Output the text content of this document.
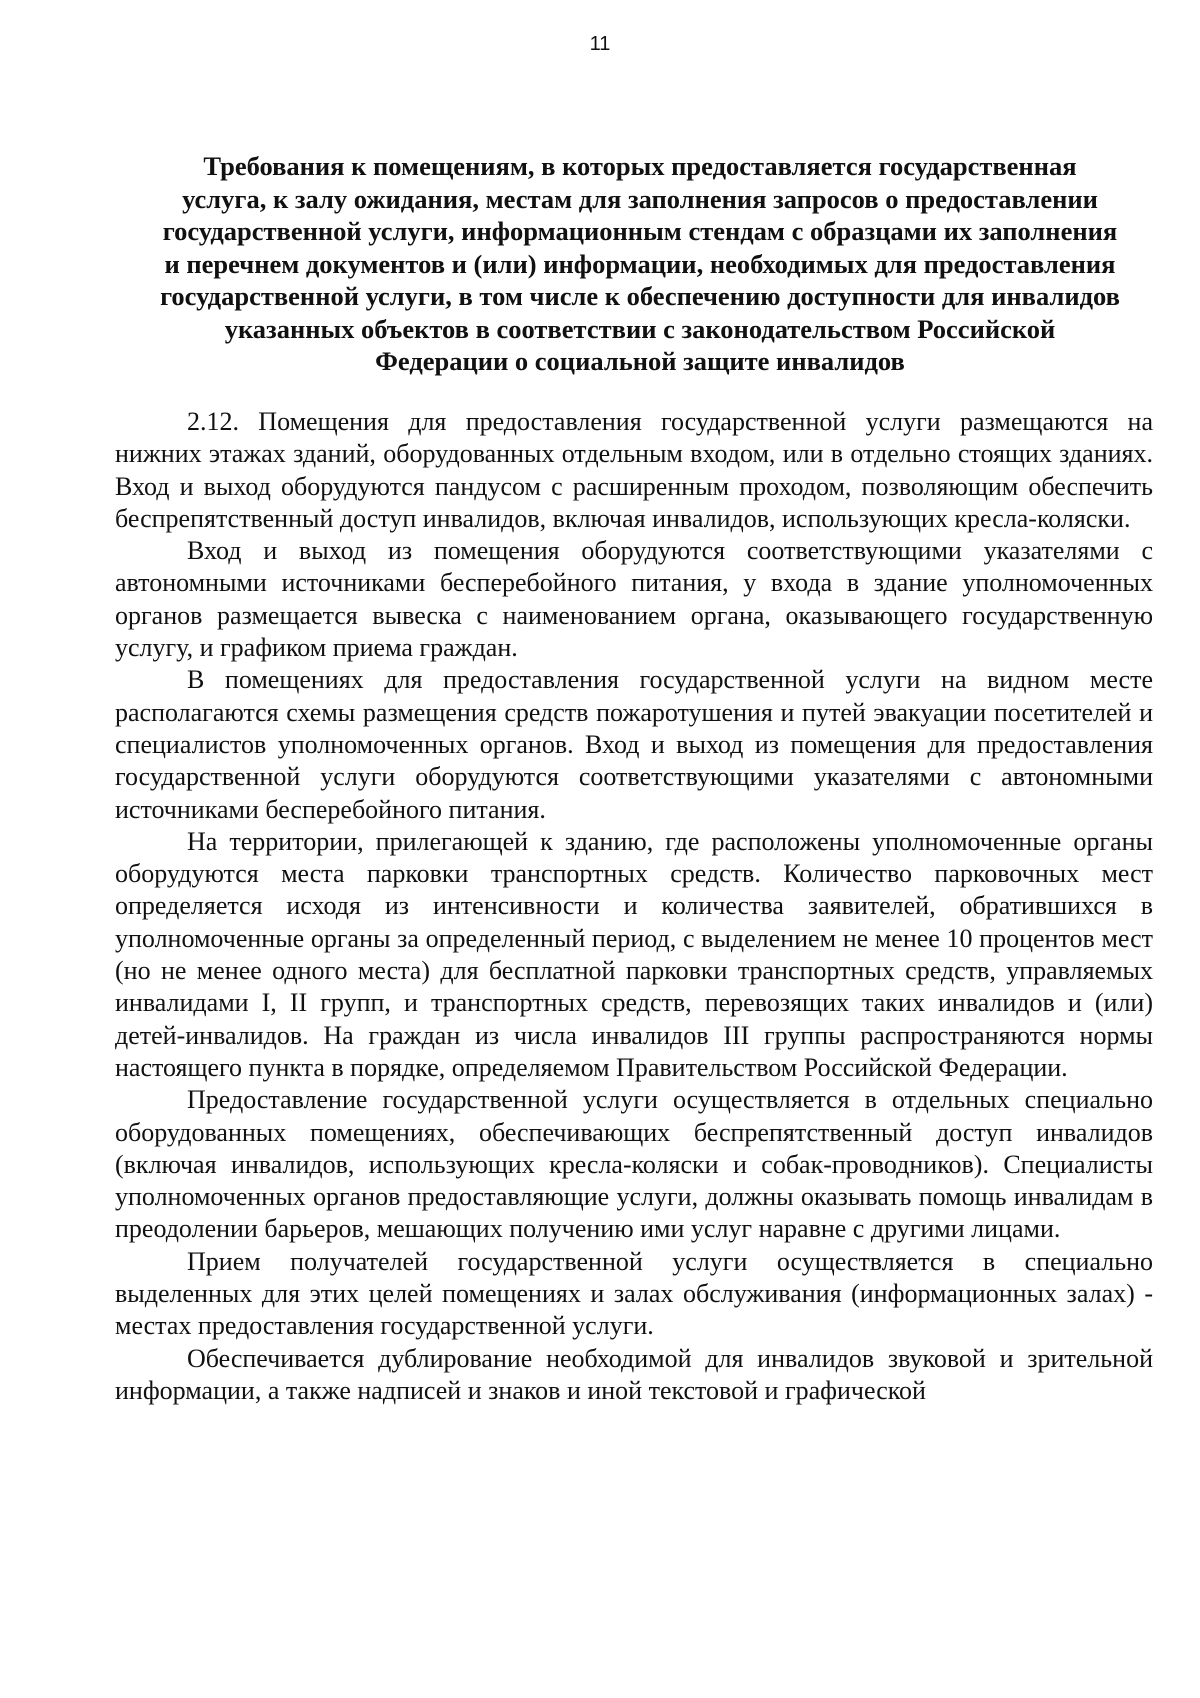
11
Требования к помещениям, в которых предоставляется государственная
услуга, к залу ожидания, местам для заполнения запросов о предоставлении
государственной услуги, информационным стендам с образцами их заполнения
и перечнем документов и (или) информации, необходимых для предоставления
государственной услуги, в том числе к обеспечению доступности для инвалидов
указанных объектов в соответствии с законодательством Российской
Федерации о социальной защите инвалидов

2.12. Помещения для предоставления государственной услуги размещаются на нижних этажах зданий, оборудованных отдельным входом, или в отдельно стоящих зданиях. Вход и выход оборудуются пандусом с расширенным проходом, позволяющим обеспечить беспрепятственный доступ инвалидов, включая инвалидов, использующих кресла-коляски.

Вход и выход из помещения оборудуются соответствующими указателями с автономными источниками бесперебойного питания, у входа в здание уполномоченных органов размещается вывеска с наименованием органа, оказывающего государственную услугу, и графиком приема граждан.

В помещениях для предоставления государственной услуги на видном месте располагаются схемы размещения средств пожаротушения и путей эвакуации посетителей и специалистов уполномоченных органов. Вход и выход из помещения для предоставления государственной услуги оборудуются соответствующими указателями с автономными источниками бесперебойного питания.

На территории, прилегающей к зданию, где расположены уполномоченные органы оборудуются места парковки транспортных средств. Количество парковочных мест определяется исходя из интенсивности и количества заявителей, обратившихся в уполномоченные органы за определенный период, с выделением не менее 10 процентов мест (но не менее одного места) для бесплатной парковки транспортных средств, управляемых инвалидами I, II групп, и транспортных средств, перевозящих таких инвалидов и (или) детей-инвалидов. На граждан из числа инвалидов III группы распространяются нормы настоящего пункта в порядке, определяемом Правительством Российской Федерации.

Предоставление государственной услуги осуществляется в отдельных специально оборудованных помещениях, обеспечивающих беспрепятственный доступ инвалидов (включая инвалидов, использующих кресла-коляски и собак-проводников). Специалисты уполномоченных органов предоставляющие услуги, должны оказывать помощь инвалидам в преодолении барьеров, мешающих получению ими услуг наравне с другими лицами.

Прием получателей государственной услуги осуществляется в специально выделенных для этих целей помещениях и залах обслуживания (информационных залах) - местах предоставления государственной услуги.

Обеспечивается дублирование необходимой для инвалидов звуковой и зрительной информации, а также надписей и знаков и иной текстовой и графической
